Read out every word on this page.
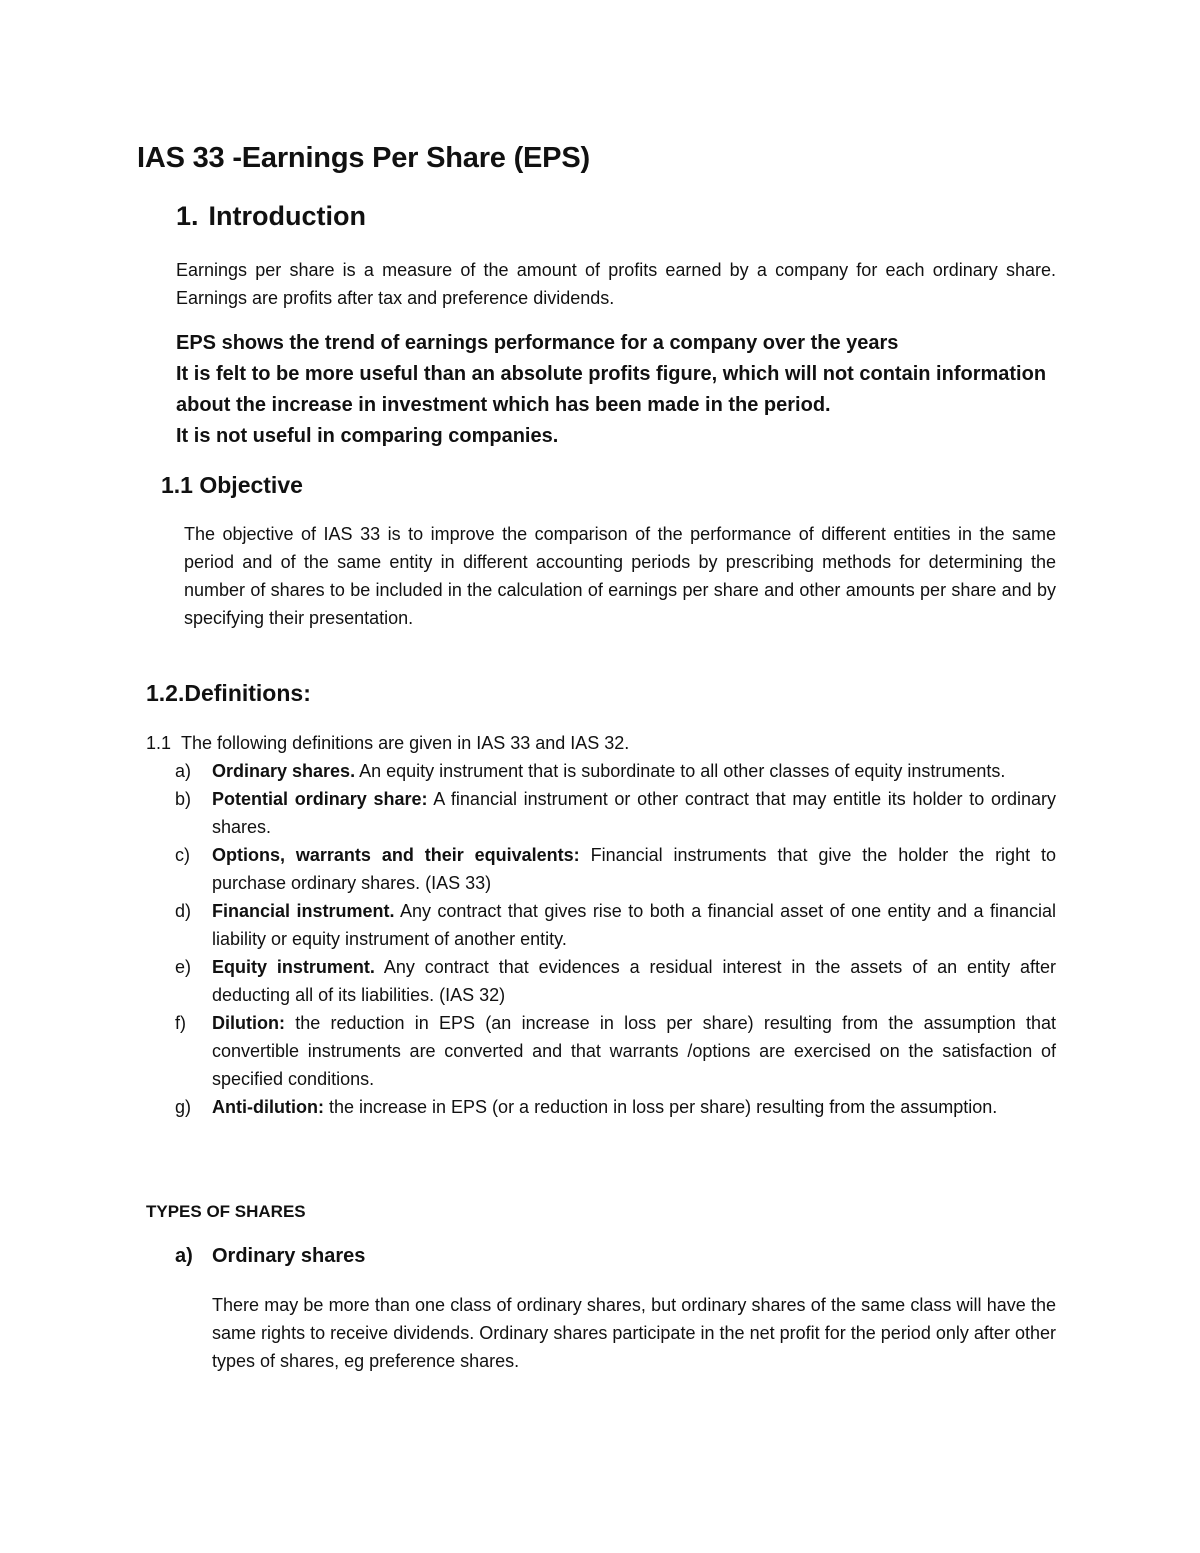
IAS 33 -Earnings Per Share (EPS)
1. Introduction

Earnings per share is a measure of the amount of profits earned by a company for each ordinary share. Earnings are profits after tax and preference dividends.

EPS shows the trend of earnings performance for a company over the years
It is felt to be more useful than an absolute profits figure, which will not contain information
about the increase in investment which has been made in the period.
It is not useful in comparing companies.
1.1 Objective

The objective of IAS 33 is to improve the comparison of the performance of different entities in the same period and of the same entity in different accounting periods by prescribing methods for determining the number of shares to be included in the calculation of earnings per share and other amounts per share and by specifying their presentation.

1.2.Definitions:
1.1 The following definitions are given in IAS 33 and IAS 32.
a)	Ordinary shares. An equity instrument that is subordinate to all other classes of equity instruments.
b)	Potential ordinary share: A financial instrument or other contract that may entitle its holder to ordinary shares.
c)	Options, warrants and their equivalents: Financial instruments that give the holder the right to purchase ordinary shares. (IAS 33)
d)	Financial instrument. Any contract that gives rise to both a financial asset of one entity and a financial liability or equity instrument of another entity.
e)	Equity instrument. Any contract that evidences a residual interest in the assets of an entity after deducting all of its liabilities. (IAS 32)
f)	Dilution: the reduction in EPS (an increase in loss per share) resulting from the assumption that convertible instruments are converted and that warrants /options are exercised on the satisfaction of specified conditions.
g)	Anti-dilution: the increase in EPS (or a reduction in loss per share) resulting from the assumption.
TYPES OF SHARES
a) Ordinary shares

There may be more than one class of ordinary shares, but ordinary shares of the same class will have the same rights to receive dividends. Ordinary shares participate in the net profit for the period only after other types of shares, eg preference shares.
